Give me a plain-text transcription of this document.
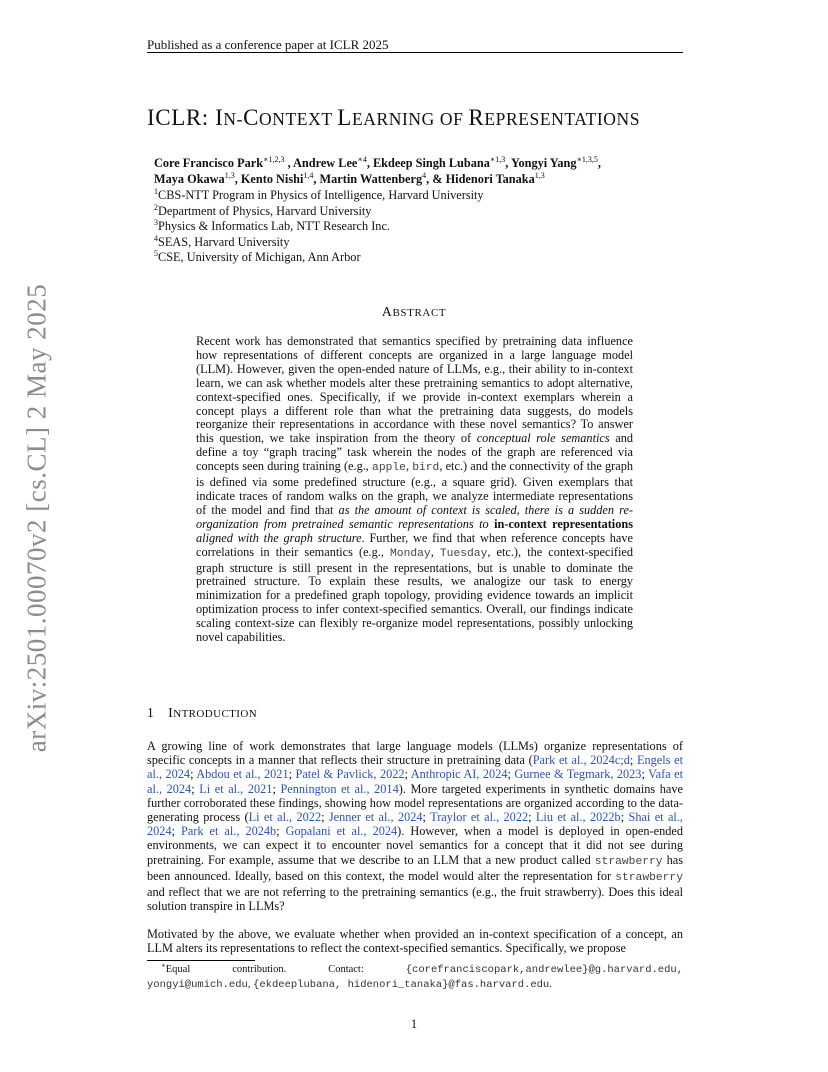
Published as a conference paper at ICLR 2025
arXiv:2501.00070v2 [cs.CL] 2 May 2025
ICLR: IN-CONTEXT LEARNING OF REPRESENTATIONS
Core Francisco Park$^{∗1,2,3}$ , Andrew Lee$^{∗4}$, Ekdeep Singh Lubana$^{∗1,3}$, Yongyi Yang$^{∗1,3,5}$,
Maya Okawa$^{1,3}$, Kento Nishi$^{1,4}$, Martin Wattenberg$^4$, & Hidenori Tanaka$^{1,3}$
$^1$CBS-NTT Program in Physics of Intelligence, Harvard University
$^2$Department of Physics, Harvard University
$^3$Physics & Informatics Lab, NTT Research Inc.
$^4$SEAS, Harvard University
$^5$CSE, University of Michigan, Ann Arbor
ABSTRACT
Recent work has demonstrated that semantics specified by pretraining data influence how representations of different concepts are organized in a large language model (LLM). However, given the open-ended nature of LLMs, e.g., their ability to in-context learn, we can ask whether models alter these pretraining semantics to adopt alternative, context-specified ones. Specifically, if we provide in-context exemplars wherein a concept plays a different role than what the pretraining data suggests, do models reorganize their representations in accordance with these novel semantics? To answer this question, we take inspiration from the theory of conceptual role semantics and define a toy “graph tracing” task wherein the nodes of the graph are referenced via concepts seen during training (e.g., apple, bird, etc.) and the connectivity of the graph is defined via some predefined structure (e.g., a square grid). Given exemplars that indicate traces of random walks on the graph, we analyze intermediate representations of the model and find that as the amount of context is scaled, there is a sudden re-organization from pretrained semantic representations to in-context representations aligned with the graph structure. Further, we find that when reference concepts have correlations in their semantics (e.g., Monday, Tuesday, etc.), the context-specified graph structure is still present in the representations, but is unable to dominate the pretrained structure. To explain these results, we analogize our task to energy minimization for a predefined graph topology, providing evidence towards an implicit optimization process to infer context-specified semantics. Overall, our findings indicate scaling context-size can flexibly re-organize model representations, possibly unlocking novel capabilities.
1 INTRODUCTION
A growing line of work demonstrates that large language models (LLMs) organize representations of specific concepts in a manner that reflects their structure in pretraining data (Park et al., 2024c;d; Engels et al., 2024; Abdou et al., 2021; Patel & Pavlick, 2022; Anthropic AI, 2024; Gurnee & Tegmark, 2023; Vafa et al., 2024; Li et al., 2021; Pennington et al., 2014). More targeted experiments in synthetic domains have further corroborated these findings, showing how model representations are organized according to the data-generating process (Li et al., 2022; Jenner et al., 2024; Traylor et al., 2022; Liu et al., 2022b; Shai et al., 2024; Park et al., 2024b; Gopalani et al., 2024). However, when a model is deployed in open-ended environments, we can expect it to encounter novel semantics for a concept that it did not see during pretraining. For example, assume that we describe to an LLM that a new product called strawberry has been announced. Ideally, based on this context, the model would alter the representation for strawberry and reflect that we are not referring to the pretraining semantics (e.g., the fruit strawberry). Does this ideal solution transpire in LLMs?
Motivated by the above, we evaluate whether when provided an in-context specification of a concept, an LLM alters its representations to reflect the context-specified semantics. Specifically, we propose
∗Equal	contribution.	Contact:	{corefranciscopark,andrewlee}@g.harvard.edu,
yongyi@umich.edu, {ekdeeplubana, hidenori_tanaka}@fas.harvard.edu.
1
